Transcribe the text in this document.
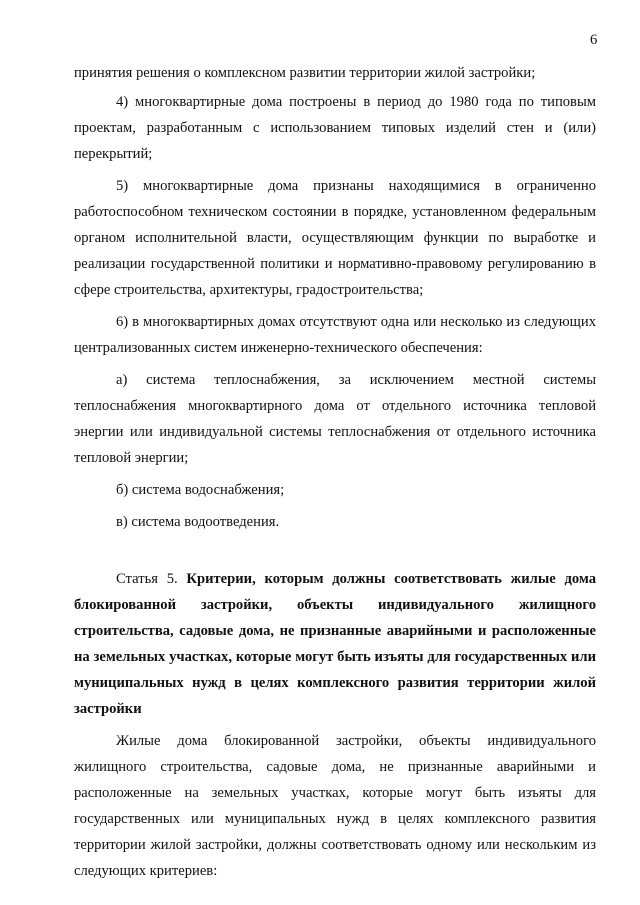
6

принятия решения о комплексном развитии территории жилой застройки;

4) многоквартирные дома построены в период до 1980 года по типовым проектам, разработанным с использованием типовых изделий стен и (или) перекрытий;

5) многоквартирные дома признаны находящимися в ограниченно работоспособном техническом состоянии в порядке, установленном федеральным органом исполнительной власти, осуществляющим функции по выработке и реализации государственной политики и нормативно-правовому регулированию в сфере строительства, архитектуры, градостроительства;

6) в многоквартирных домах отсутствуют одна или несколько из следующих централизованных систем инженерно-технического обеспечения:

а) система теплоснабжения, за исключением местной системы теплоснабжения многоквартирного дома от отдельного источника тепловой энергии или индивидуальной системы теплоснабжения от отдельного источника тепловой энергии;

б) система водоснабжения;

в) система водоотведения.

Статья 5. Критерии, которым должны соответствовать жилые дома блокированной застройки, объекты индивидуального жилищного строительства, садовые дома, не признанные аварийными и расположенные на земельных участках, которые могут быть изъяты для государственных или муниципальных нужд в целях комплексного развития территории жилой застройки

Жилые дома блокированной застройки, объекты индивидуального жилищного строительства, садовые дома, не признанные аварийными и расположенные на земельных участках, которые могут быть изъяты для государственных или муниципальных нужд в целях комплексного развития территории жилой застройки, должны соответствовать одному или нескольким из следующих критериев:
